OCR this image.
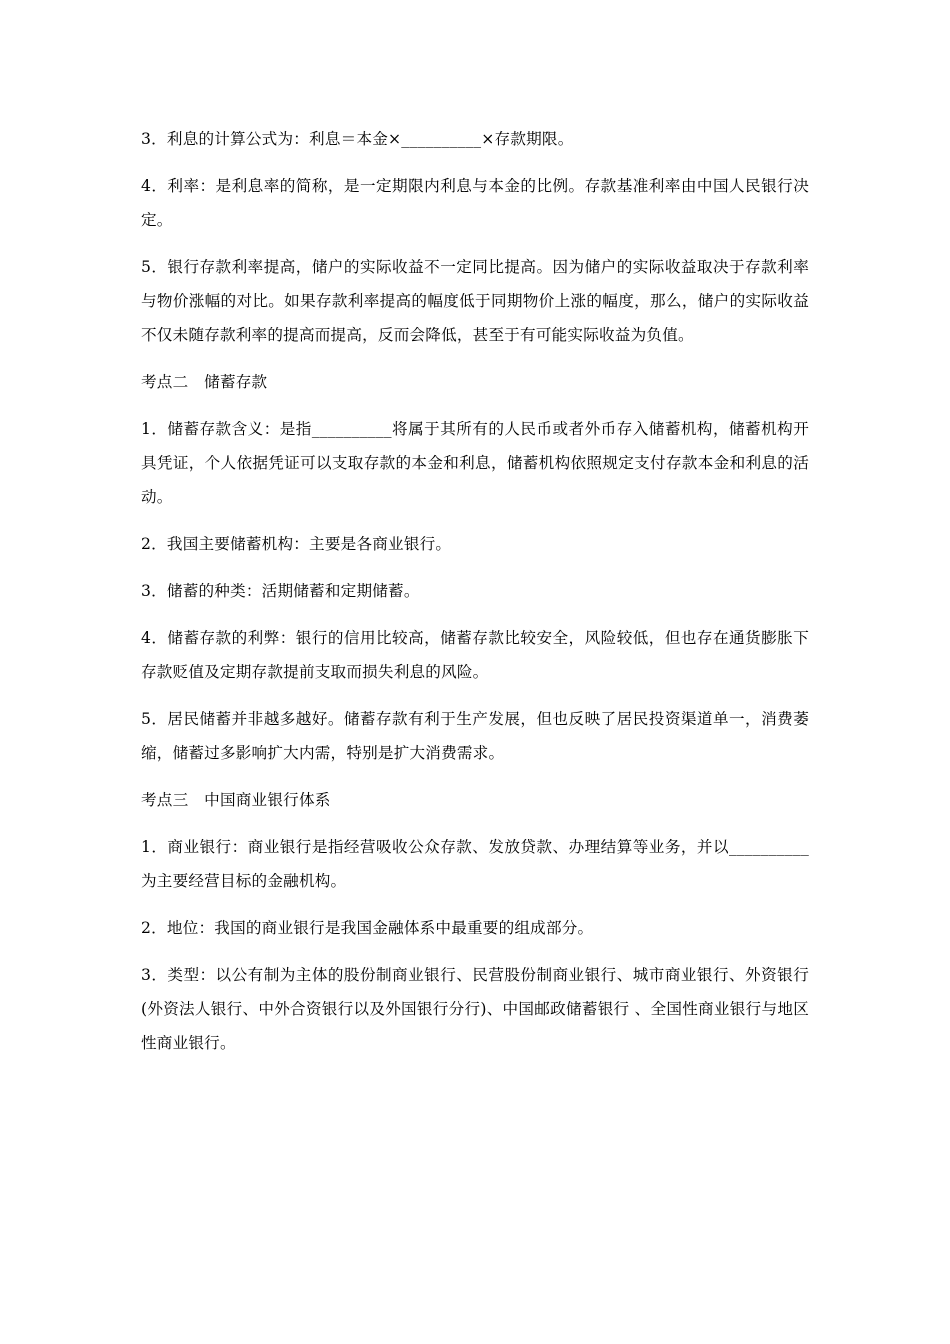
3．利息的计算公式为：利息＝本金×__________×存款期限。

4．利率：是利息率的简称，是一定期限内利息与本金的比例。存款基准利率由中国人民银行决定。

5．银行存款利率提高，储户的实际收益不一定同比提高。因为储户的实际收益取决于存款利率与物价涨幅的对比。如果存款利率提高的幅度低于同期物价上涨的幅度，那么，储户的实际收益不仅未随存款利率的提高而提高，反而会降低，甚至于有可能实际收益为负值。

考点二　储蓄存款

1．储蓄存款含义：是指__________将属于其所有的人民币或者外币存入储蓄机构，储蓄机构开具凭证，个人依据凭证可以支取存款的本金和利息，储蓄机构依照规定支付存款本金和利息的活动。

2．我国主要储蓄机构：主要是各商业银行。

3．储蓄的种类：活期储蓄和定期储蓄。

4．储蓄存款的利弊：银行的信用比较高，储蓄存款比较安全，风险较低，但也存在通货膨胀下存款贬值及定期存款提前支取而损失利息的风险。

5．居民储蓄并非越多越好。储蓄存款有利于生产发展，但也反映了居民投资渠道单一，消费萎缩，储蓄过多影响扩大内需，特别是扩大消费需求。

考点三　中国商业银行体系

1．商业银行：商业银行是指经营吸收公众存款、发放贷款、办理结算等业务，并以__________为主要经营目标的金融机构。

2．地位：我国的商业银行是我国金融体系中最重要的组成部分。

3．类型：以公有制为主体的股份制商业银行、民营股份制商业银行、城市商业银行、外资银行(外资法人银行、中外合资银行以及外国银行分行)、中国邮政储蓄银行 、全国性商业银行与地区性商业银行。
